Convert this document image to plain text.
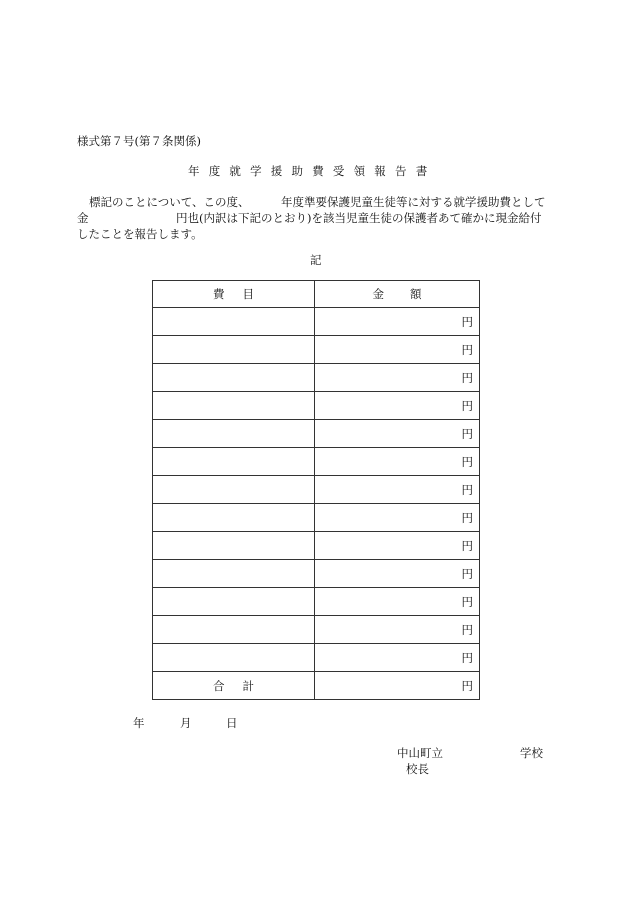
様式第７号(第７条関係)
年度就学援助費受領報告書
標記のことについて、この度、	年度準要保護児童生徒等に対する就学援助費として
金	円也(内訳は下記のとおり)を該当児童生徒の保護者あて確かに現金給付
したことを報告します。
記
費目	金額
	円
	円
	円
	円
	円
	円
	円
	円
	円
	円
	円
	円
	円
合計	円
年	月	日
中山町立	学校
校長
